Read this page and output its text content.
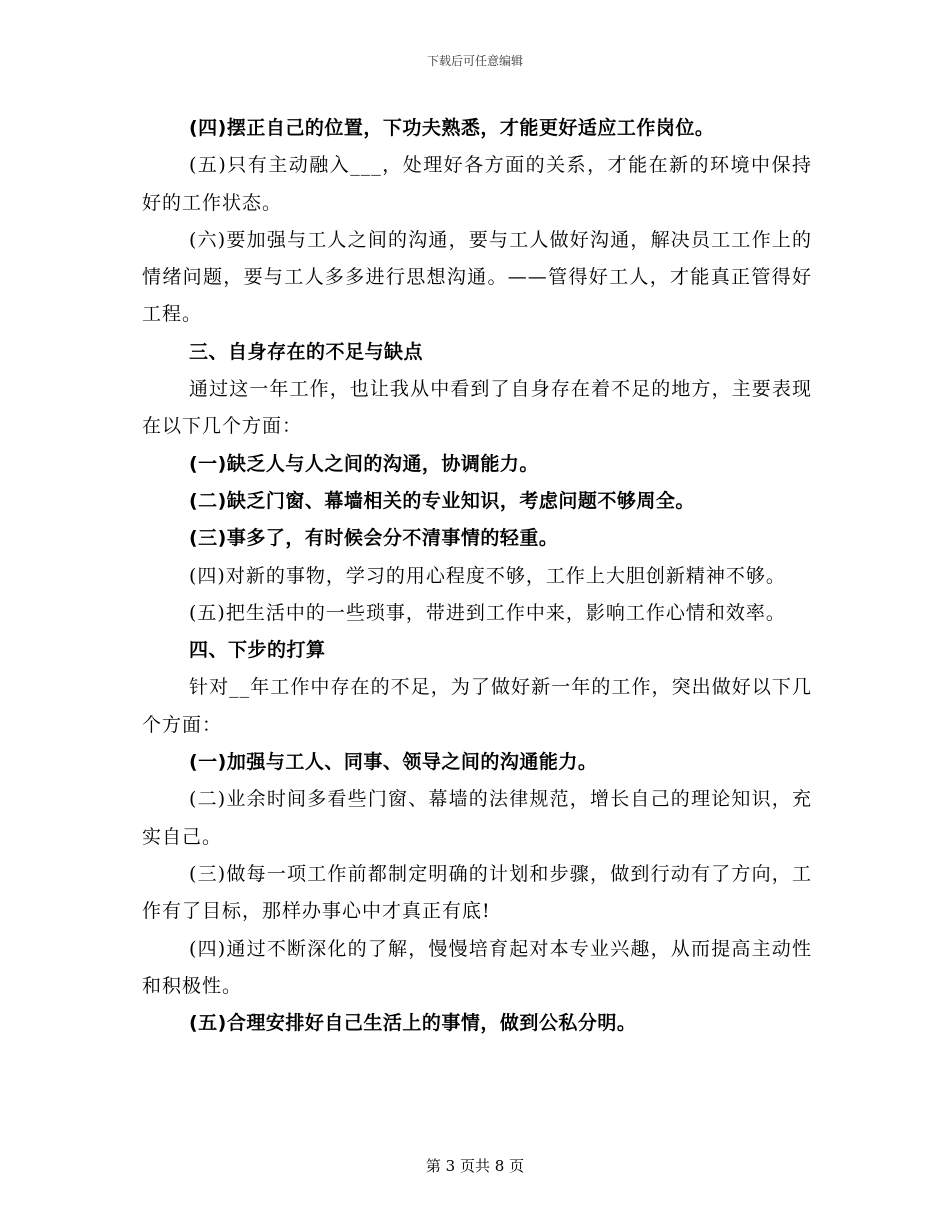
下载后可任意编辑

(四)摆正自己的位置，下功夫熟悉，才能更好适应工作岗位。

(五)只有主动融入___，处理好各方面的关系，才能在新的环境中保持好的工作状态。

(六)要加强与工人之间的沟通，要与工人做好沟通，解决员工工作上的情绪问题，要与工人多多进行思想沟通。——管得好工人，才能真正管得好工程。

三、自身存在的不足与缺点

通过这一年工作，也让我从中看到了自身存在着不足的地方，主要表现在以下几个方面：

(一)缺乏人与人之间的沟通，协调能力。

(二)缺乏门窗、幕墙相关的专业知识，考虑问题不够周全。

(三)事多了，有时候会分不清事情的轻重。

(四)对新的事物，学习的用心程度不够，工作上大胆创新精神不够。

(五)把生活中的一些琐事，带进到工作中来，影响工作心情和效率。

四、下步的打算

针对__年工作中存在的不足，为了做好新一年的工作，突出做好以下几个方面：

(一)加强与工人、同事、领导之间的沟通能力。

(二)业余时间多看些门窗、幕墙的法律规范，增长自己的理论知识，充实自己。

(三)做每一项工作前都制定明确的计划和步骤，做到行动有了方向，工作有了目标，那样办事心中才真正有底!

(四)通过不断深化的了解，慢慢培育起对本专业兴趣，从而提高主动性和积极性。

(五)合理安排好自己生活上的事情，做到公私分明。

第 3 页共 8 页
